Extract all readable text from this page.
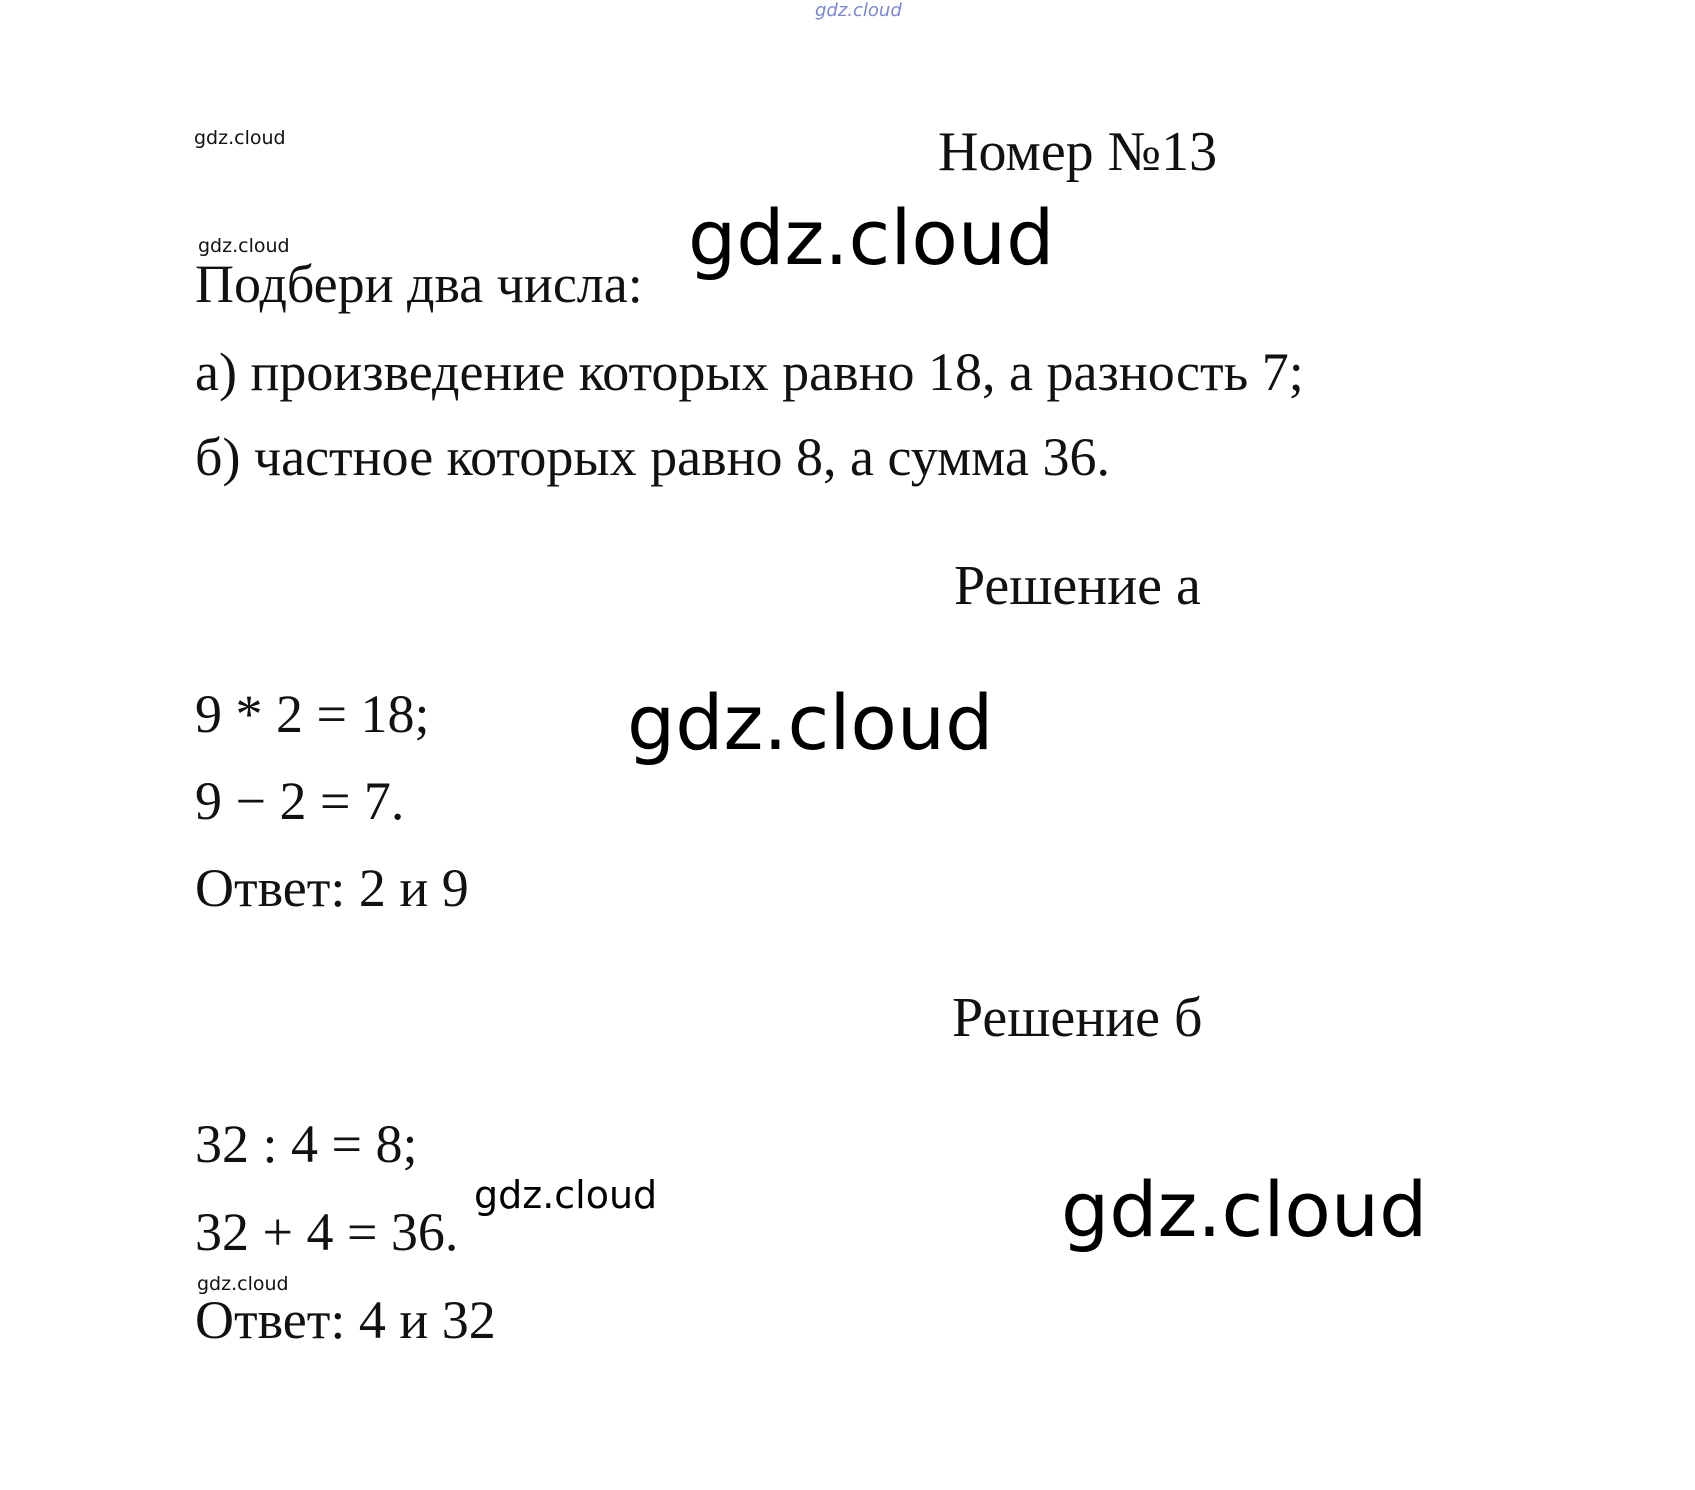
gdz.cloud
gdz.cloud	Номер №13
gdz.cloud
Подбери два числа:
gdz.cloud
а) произведение которых равно 18, а разность 7;
б) частное которых равно 8, а сумма 36.
Решение а
9 * 2 = 18;	gdz.cloud
9 − 2 = 7.
Ответ: 2 и 9
Решение б
32 : 4 = 8;
gdz.cloud
32 + 4 = 36.	gdz.cloud
gdz.cloud
Ответ: 4 и 32
